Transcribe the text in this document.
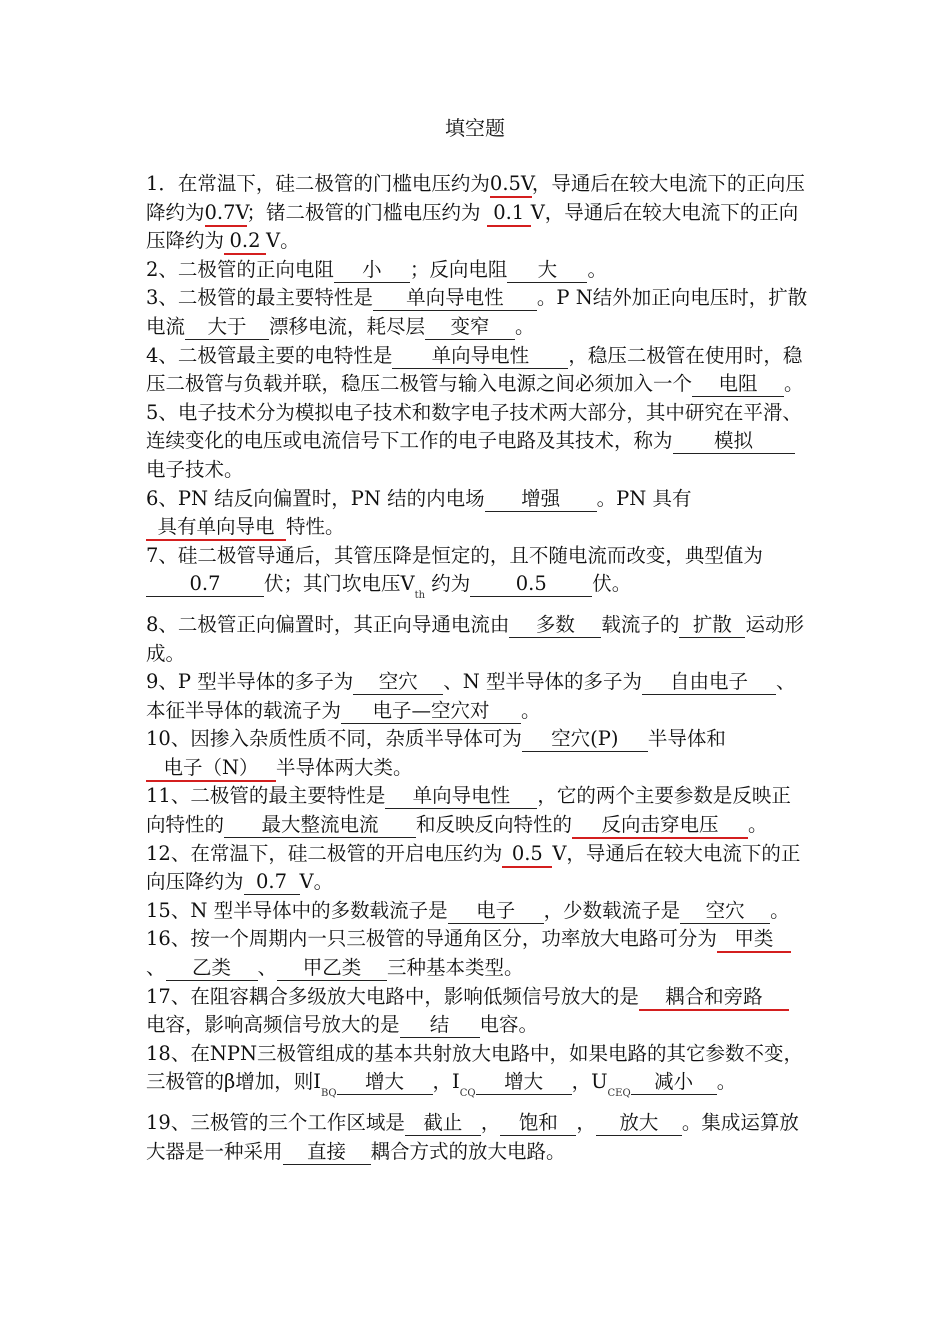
填空题

1．在常温下，硅二极管的门槛电压约为0.5V，导通后在较大电流下的正向压降约为0.7V；锗二极管的门槛电压约为 0.1V，导通后在较大电流下的正向压降约为 0.2V。

2、二极管的正向电阻 小 ；反向电阻 大 。

3、二极管的最主要特性是 单向导电性 。P N结外加正向电压时，扩散电流 大于 漂移电流，耗尽层 变窄 。

4、二极管最主要的电特性是 单向导电性 ，稳压二极管在使用时，稳压二极管与负载并联，稳压二极管与输入电源之间必须加入一个 电阻 。

5、电子技术分为模拟电子技术和数字电子技术两大部分，其中研究在平滑、连续变化的电压或电流信号下工作的电子电路及其技术，称为 模拟电子技术。

6、PN 结反向偏置时，PN 结的内电场 增强 。PN 具有具有单向导电 特性。

7、硅二极管导通后，其管压降是恒定的，且不随电流而改变，典型值为0.7 伏；其门坎电压$V_{th}$ 约为 0.5 伏。

8、二极管正向偏置时，其正向导通电流由 多数 载流子的 扩散 运动形成。

9、P 型半导体的多子为 空穴 、N 型半导体的多子为 自由电子 、本征半导体的载流子为 电子—空穴对 。

10、因掺入杂质性质不同，杂质半导体可为 空穴(P) 半导体和电子（N） 半导体两大类。

11、二极管的最主要特性是 单向导电性 ，它的两个主要参数是反映正向特性的 最大整流电流 和反映反向特性的 反向击穿电压 。

12、在常温下，硅二极管的开启电压约为 0.5 V，导通后在较大电流下的正向压降约为 0.7 V。

15、N 型半导体中的多数载流子是 电子 ，少数载流子是 空穴 。

16、按一个周期内一只三极管的导通角区分，功率放大电路可分为 甲类、 乙类 、 甲乙类 三种基本类型。

17、在阻容耦合多级放大电路中，影响低频信号放大的是 耦合和旁路电容，影响高频信号放大的是 结 电容。

18、在NPN三极管组成的基本共射放大电路中，如果电路的其它参数不变，三极管的β增加，则$I_{BQ}$增大 ，$I_{CQ}$增大 ，$U_{CEQ}$减小 。

19、三极管的三个工作区域是 截止 ， 饱和 ， 放大 。集成运算放大器是一种采用 直接 耦合方式的放大电路。
